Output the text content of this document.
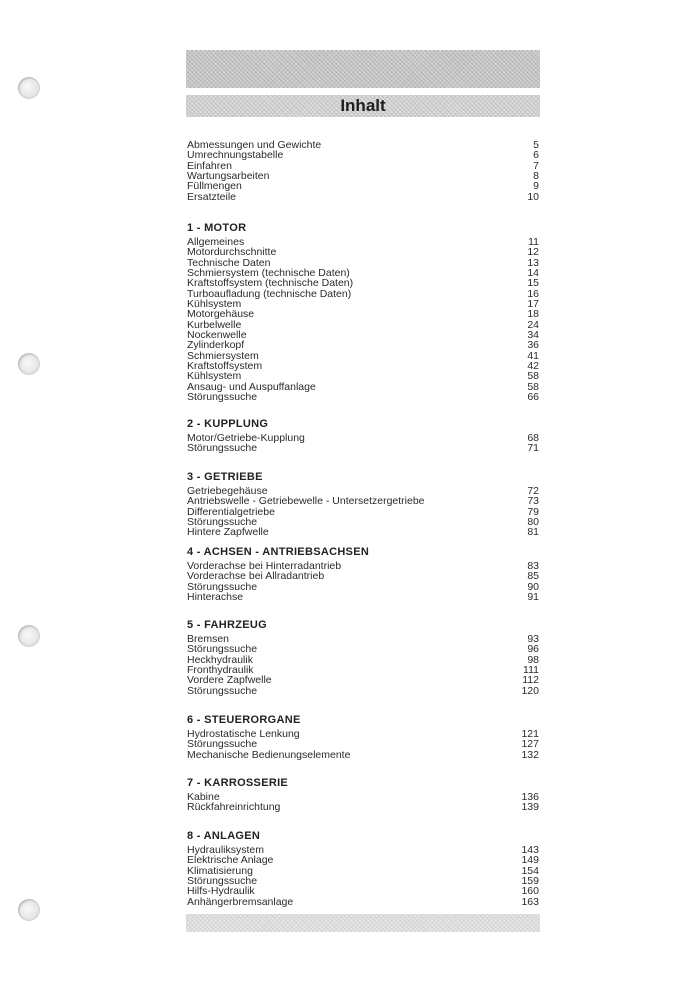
Inhalt
Abmessungen und Gewichte	5
Umrechnungstabelle	6
Einfahren	7
Wartungsarbeiten	8
Füllmengen	9
Ersatzteile	10
1 - MOTOR
Allgemeines	11
Motordurchschnitte	12
Technische Daten	13
Schmiersystem (technische Daten)	14
Kraftstoffsystem (technische Daten)	15
Turboaufladung (technische Daten)	16
Kühlsystem	17
Motorgehäuse	18
Kurbelwelle	24
Nockenwelle	34
Zylinderkopf	36
Schmiersystem	41
Kraftstoffsystem	42
Kühlsystem	58
Ansaug- und Auspuffanlage	58
Störungssuche	66
2 - KUPPLUNG
Motor/Getriebe-Kupplung	68
Störungssuche	71
3 - GETRIEBE
Getriebegehäuse	72
Antriebswelle - Getriebewelle - Untersetzergetriebe	73
Differentialgetriebe	79
Störungssuche	80
Hintere Zapfwelle	81
4 - ACHSEN - ANTRIEBSACHSEN
Vorderachse bei Hinterradantrieb	83
Vorderachse bei Allradantrieb	85
Störungssuche	90
Hinterachse	91
5 - FAHRZEUG
Bremsen	93
Störungssuche	96
Heckhydraulik	98
Fronthydraulik	111
Vordere Zapfwelle	112
Störungssuche	120
6 - STEUERORGANE
Hydrostatische Lenkung	121
Störungssuche	127
Mechanische Bedienungselemente	132
7 - KARROSSERIE
Kabine	136
Rückfahreinrichtung	139
8 - ANLAGEN
Hydrauliksystem	143
Elektrische Anlage	149
Klimatisierung	154
Störungssuche	159
Hilfs-Hydraulik	160
Anhängerbremsanlage	163
